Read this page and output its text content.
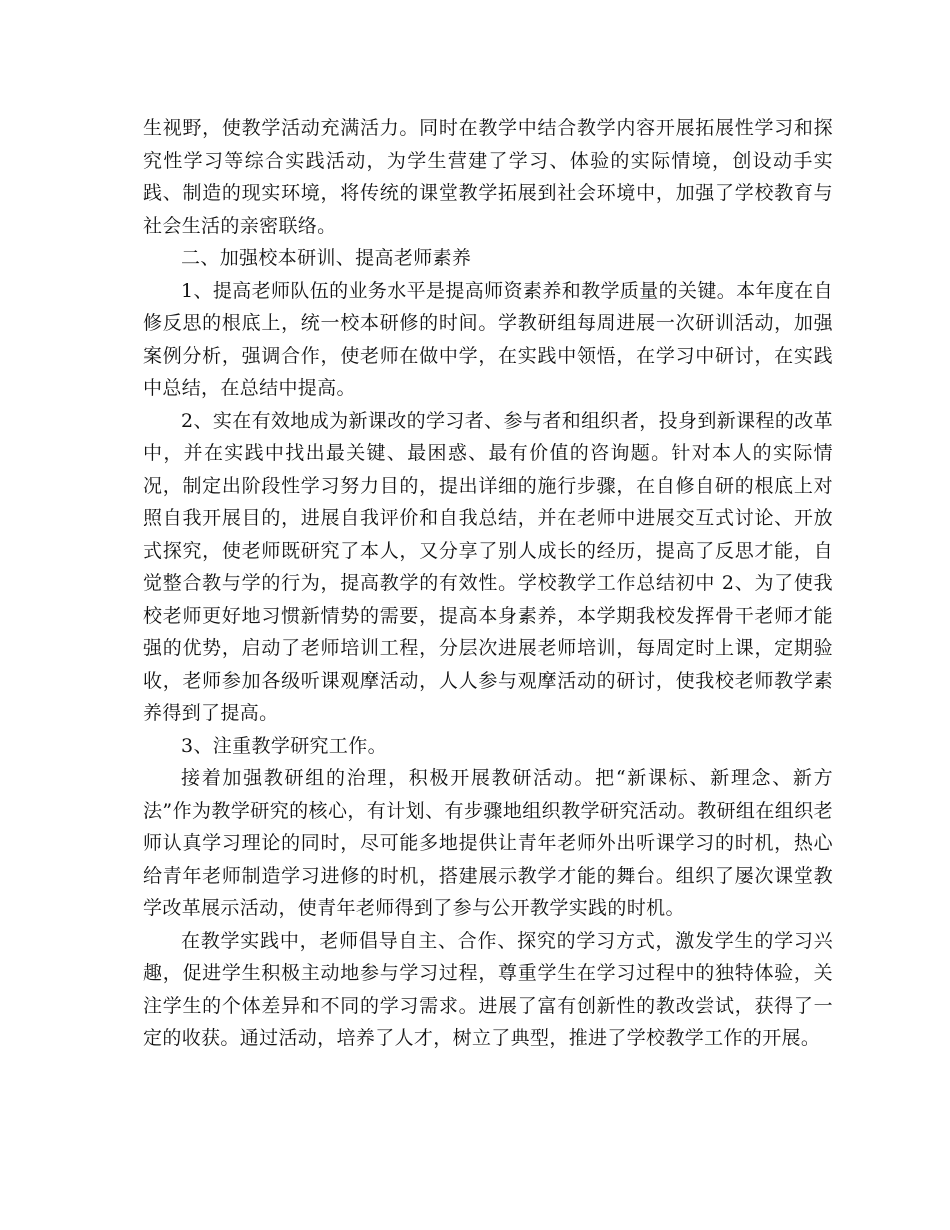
生视野，使教学活动充满活力。同时在教学中结合教学内容开展拓展性学习和探究性学习等综合实践活动，为学生营建了学习、体验的实际情境，创设动手实践、制造的现实环境，将传统的课堂教学拓展到社会环境中，加强了学校教育与社会生活的亲密联络。

二、加强校本研训、提高老师素养

1、提高老师队伍的业务水平是提高师资素养和教学质量的关键。本年度在自修反思的根底上，统一校本研修的时间。学教研组每周进展一次研训活动，加强案例分析，强调合作，使老师在做中学，在实践中领悟，在学习中研讨，在实践中总结，在总结中提高。

2、实在有效地成为新课改的学习者、参与者和组织者，投身到新课程的改革中，并在实践中找出最关键、最困惑、最有价值的咨询题。针对本人的实际情况，制定出阶段性学习努力目的，提出详细的施行步骤，在自修自研的根底上对照自我开展目的，进展自我评价和自我总结，并在老师中进展交互式讨论、开放式探究，使老师既研究了本人，又分享了别人成长的经历，提高了反思才能，自觉整合教与学的行为，提高教学的有效性。学校教学工作总结初中 2、为了使我校老师更好地习惯新情势的需要，提高本身素养，本学期我校发挥骨干老师才能强的优势，启动了老师培训工程，分层次进展老师培训，每周定时上课，定期验收，老师参加各级听课观摩活动，人人参与观摩活动的研讨，使我校老师教学素养得到了提高。

3、注重教学研究工作。

接着加强教研组的治理，积极开展教研活动。把“新课标、新理念、新方法”作为教学研究的核心，有计划、有步骤地组织教学研究活动。教研组在组织老师认真学习理论的同时，尽可能多地提供让青年老师外出听课学习的时机，热心给青年老师制造学习进修的时机，搭建展示教学才能的舞台。组织了屡次课堂教学改革展示活动，使青年老师得到了参与公开教学实践的时机。

在教学实践中，老师倡导自主、合作、探究的学习方式，激发学生的学习兴趣，促进学生积极主动地参与学习过程，尊重学生在学习过程中的独特体验，关注学生的个体差异和不同的学习需求。进展了富有创新性的教改尝试，获得了一定的收获。通过活动，培养了人才，树立了典型，推进了学校教学工作的开展。
